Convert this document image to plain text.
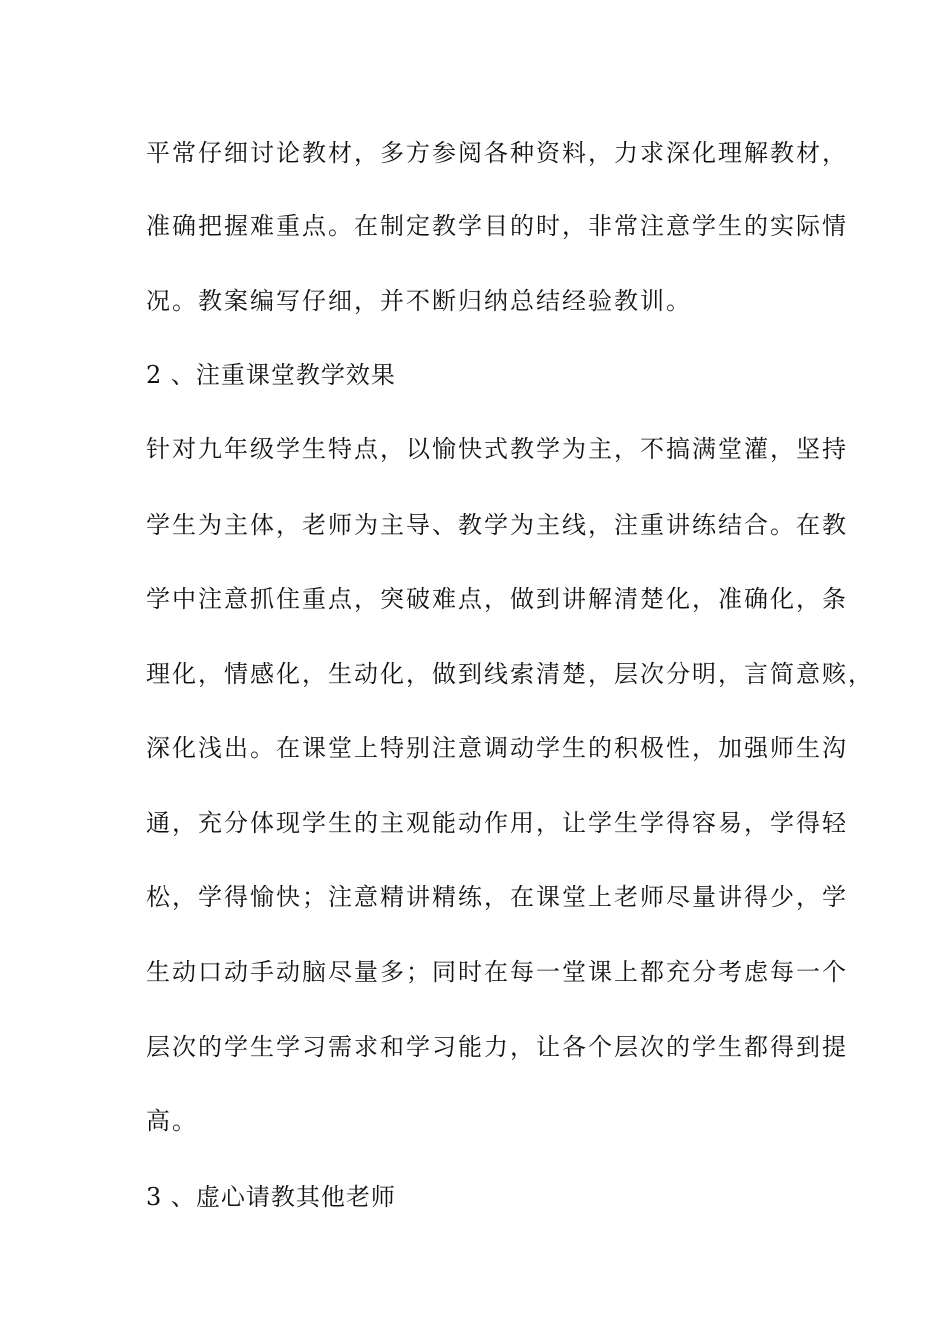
平常仔细讨论教材，多方参阅各种资料，力求深化理解教材，
准确把握难重点。在制定教学目的时，非常注意学生的实际情
况。教案编写仔细，并不断归纳总结经验教训。
2 、注重课堂教学效果
针对九年级学生特点，以愉快式教学为主，不搞满堂灌，坚持
学生为主体，老师为主导、教学为主线，注重讲练结合。在教
学中注意抓住重点，突破难点，做到讲解清楚化，准确化，条
理化，情感化，生动化，做到线索清楚，层次分明，言简意赅，
深化浅出。在课堂上特别注意调动学生的积极性，加强师生沟
通，充分体现学生的主观能动作用，让学生学得容易，学得轻
松，学得愉快；注意精讲精练，在课堂上老师尽量讲得少，学
生动口动手动脑尽量多；同时在每一堂课上都充分考虑每一个
层次的学生学习需求和学习能力，让各个层次的学生都得到提
高。
3 、虚心请教其他老师
